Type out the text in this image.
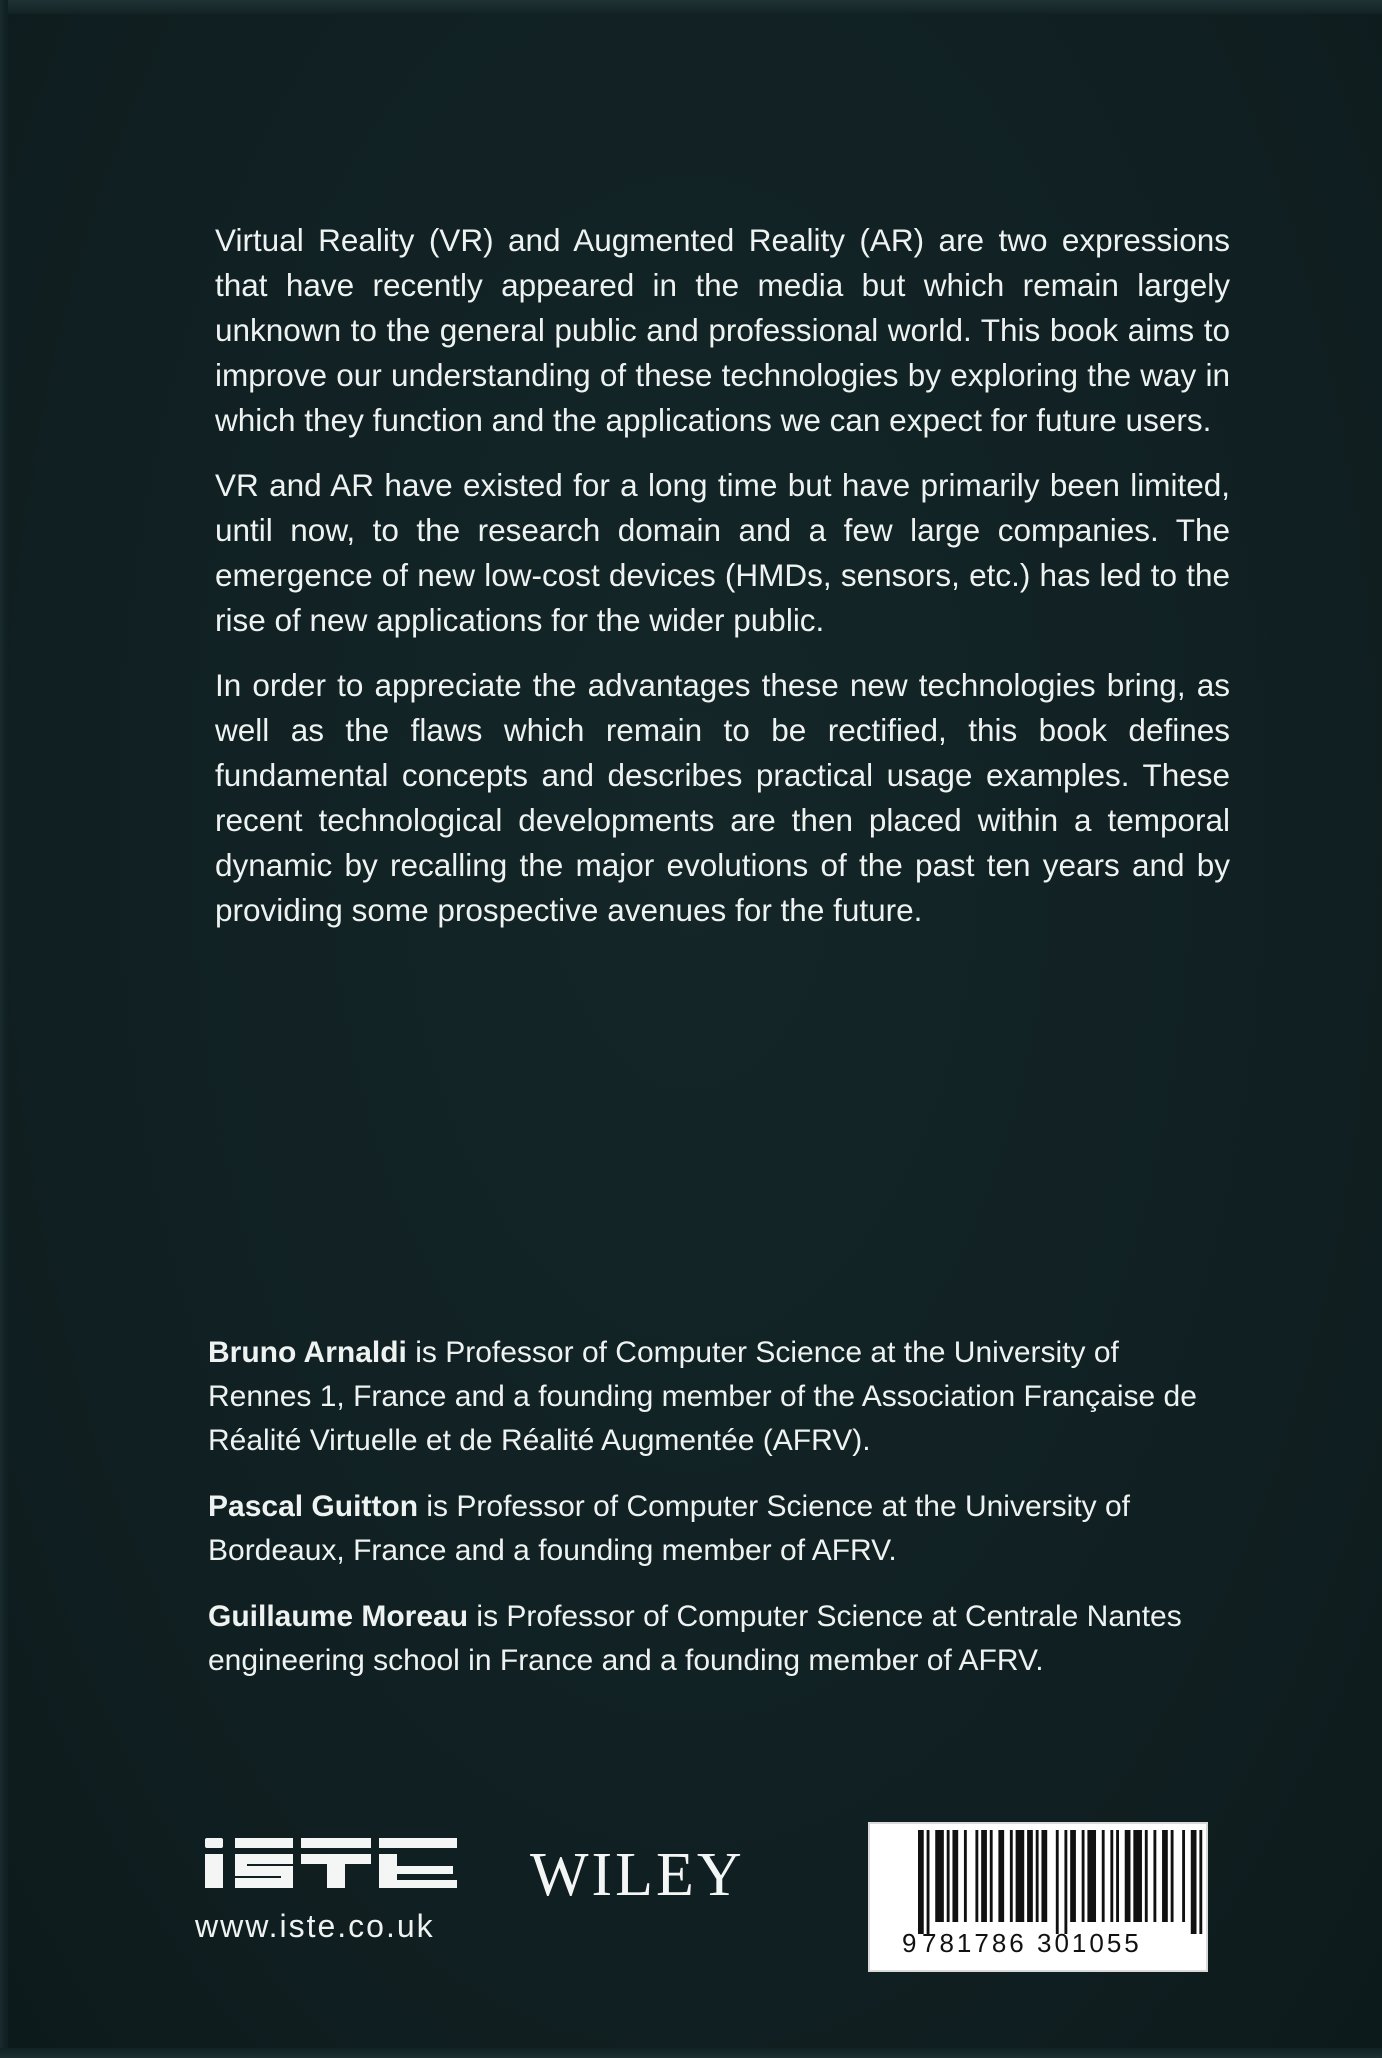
Virtual Reality (VR) and Augmented Reality (AR) are two expressions that have recently appeared in the media but which remain largely unknown to the general public and professional world. This book aims to improve our understanding of these technologies by exploring the way in which they function and the applications we can expect for future users.

VR and AR have existed for a long time but have primarily been limited, until now, to the research domain and a few large companies. The emergence of new low-cost devices (HMDs, sensors, etc.) has led to the rise of new applications for the wider public.

In order to appreciate the advantages these new technologies bring, as well as the flaws which remain to be rectified, this book defines fundamental concepts and describes practical usage examples. These recent technological developments are then placed within a temporal dynamic by recalling the major evolutions of the past ten years and by providing some prospective avenues for the future.

Bruno Arnaldi is Professor of Computer Science at the University of Rennes 1, France and a founding member of the Association Française de Réalité Virtuelle et de Réalité Augmentée (AFRV).

Pascal Guitton is Professor of Computer Science at the University of Bordeaux, France and a founding member of AFRV.

Guillaume Moreau is Professor of Computer Science at Centrale Nantes engineering school in France and a founding member of AFRV.

www.iste.co.uk
WILEY
9 781786 301055
